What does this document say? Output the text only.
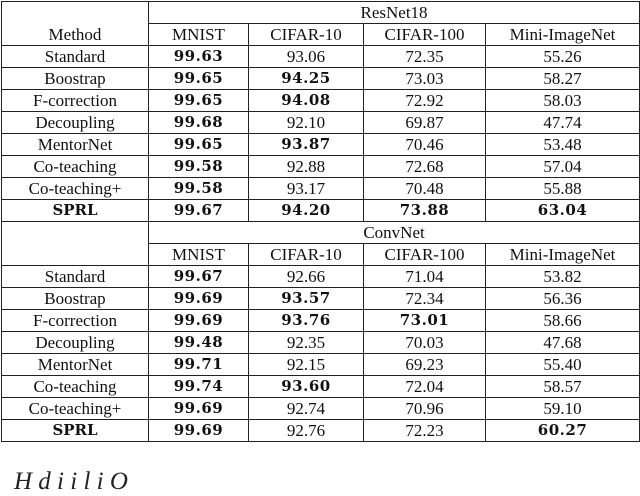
Method	ResNet18			
	MNIST	CIFAR-10	CIFAR-100	Mini-ImageNet
Standard	99.63	93.06	72.35	55.26
Boostrap	99.65	94.25	73.03	58.27
F-correction	99.65	94.08	72.92	58.03
Decoupling	99.68	92.10	69.87	47.74
MentorNet	99.65	93.87	70.46	53.48
Co-teaching	99.58	92.88	72.68	57.04
Co-teaching+	99.58	93.17	70.48	55.88
SPRL	99.67	94.20	73.88	63.04
	ConvNet			
	MNIST	CIFAR-10	CIFAR-100	Mini-ImageNet
Standard	99.67	92.66	71.04	53.82
Boostrap	99.69	93.57	72.34	56.36
F-correction	99.69	93.76	73.01	58.66
Decoupling	99.48	92.35	70.03	47.68
MentorNet	99.71	92.15	69.23	55.40
Co-teaching	99.74	93.60	72.04	58.57
Co-teaching+	99.69	92.74	70.96	59.10
SPRL	99.69	92.76	72.23	60.27
H d i i l i O
